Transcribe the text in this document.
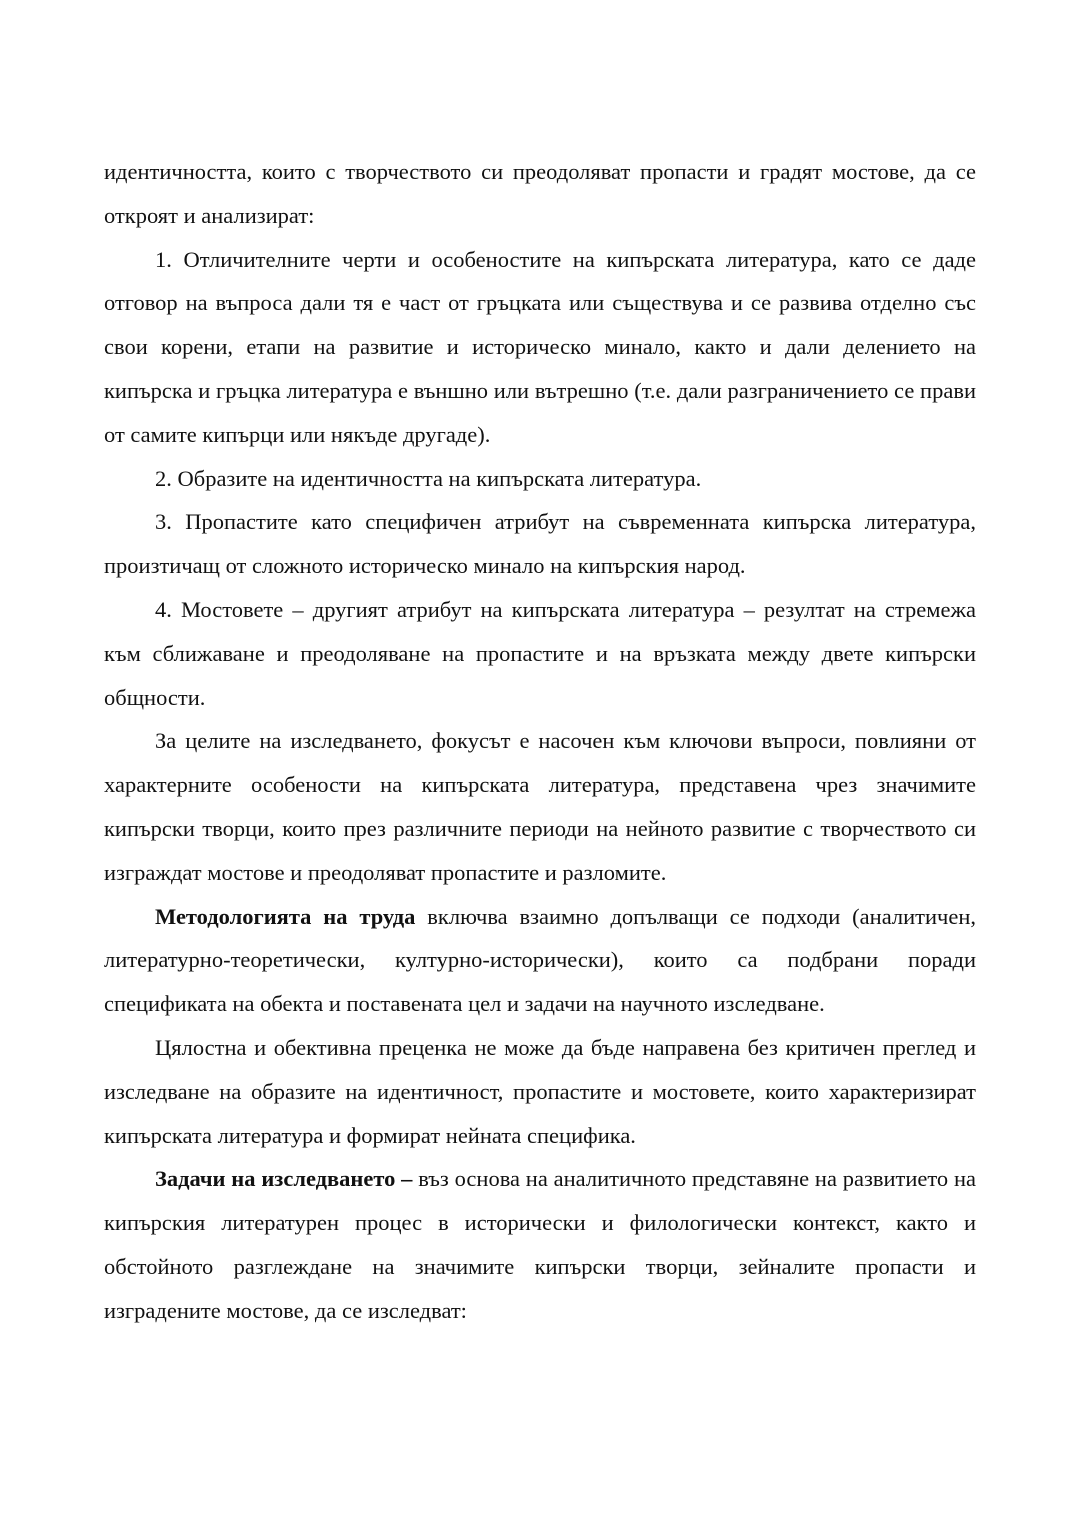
идентичността, които с творчеството си преодоляват пропасти и градят мостове, да се откроят и анализират:

1. Отличителните черти и особеностите на кипърската литература, като се даде отговор на въпроса дали тя е част от гръцката или съществува и се развива отделно със свои корени, етапи на развитие и историческо минало, както и дали делението на кипърска и гръцка литература е външно или вътрешно (т.е. дали разграничението се прави от самите кипърци или някъде другаде).

2. Образите на идентичността на кипърската литература.

3. Пропастите като специфичен атрибут на съвременната кипърска литература, произтичащ от сложното историческо минало на кипърския народ.

4. Мостовете – другият атрибут на кипърската литература – резултат на стремежа към сближаване и преодоляване на пропастите и на връзката между двете кипърски общности.

За целите на изследването, фокусът е насочен към ключови въпроси, повлияни от характерните особености на кипърската литература, представена чрез значимите кипърски творци, които през различните периоди на нейното развитие с творчеството си изграждат мостове и преодоляват пропастите и разломите.

Методологията на труда включва взаимно допълващи се подходи (аналитичен, литературно-теоретически, културно-исторически), които са подбрани поради спецификата на обекта и поставената цел и задачи на научното изследване.

Цялостна и обективна преценка не може да бъде направена без критичен преглед и изследване на образите на идентичност, пропастите и мостовете, които характеризират кипърската литература и формират нейната специфика.

Задачи на изследването – въз основа на аналитичното представяне на развитието на кипърския литературен процес в исторически и филологически контекст, както и обстойното разглеждане на значимите кипърски творци, зейналите пропасти и изградените мостове, да се изследват:
